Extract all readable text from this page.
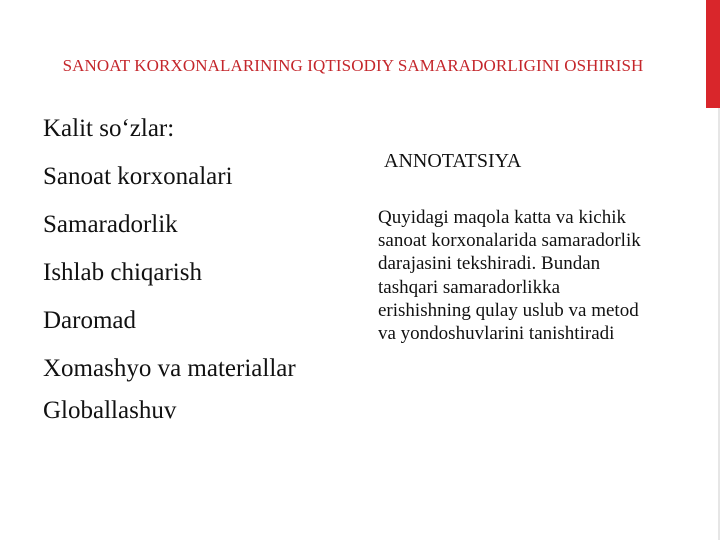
SANOAT KORXONALARINING IQTISODIY SAMARADORLIGINI OSHIRISH
Kalit so‘zlar:
Sanoat korxonalari
Samaradorlik
Ishlab chiqarish
Daromad
Xomashyo va materiallar
Globallashuv
ANNOTATSIYA

Quyidagi maqola katta va kichik sanoat korxonalarida samaradorlik darajasini tekshiradi. Bundan tashqari samaradorlikka erishishning qulay uslub va metod va yondoshuvlarini tanishtiradi
